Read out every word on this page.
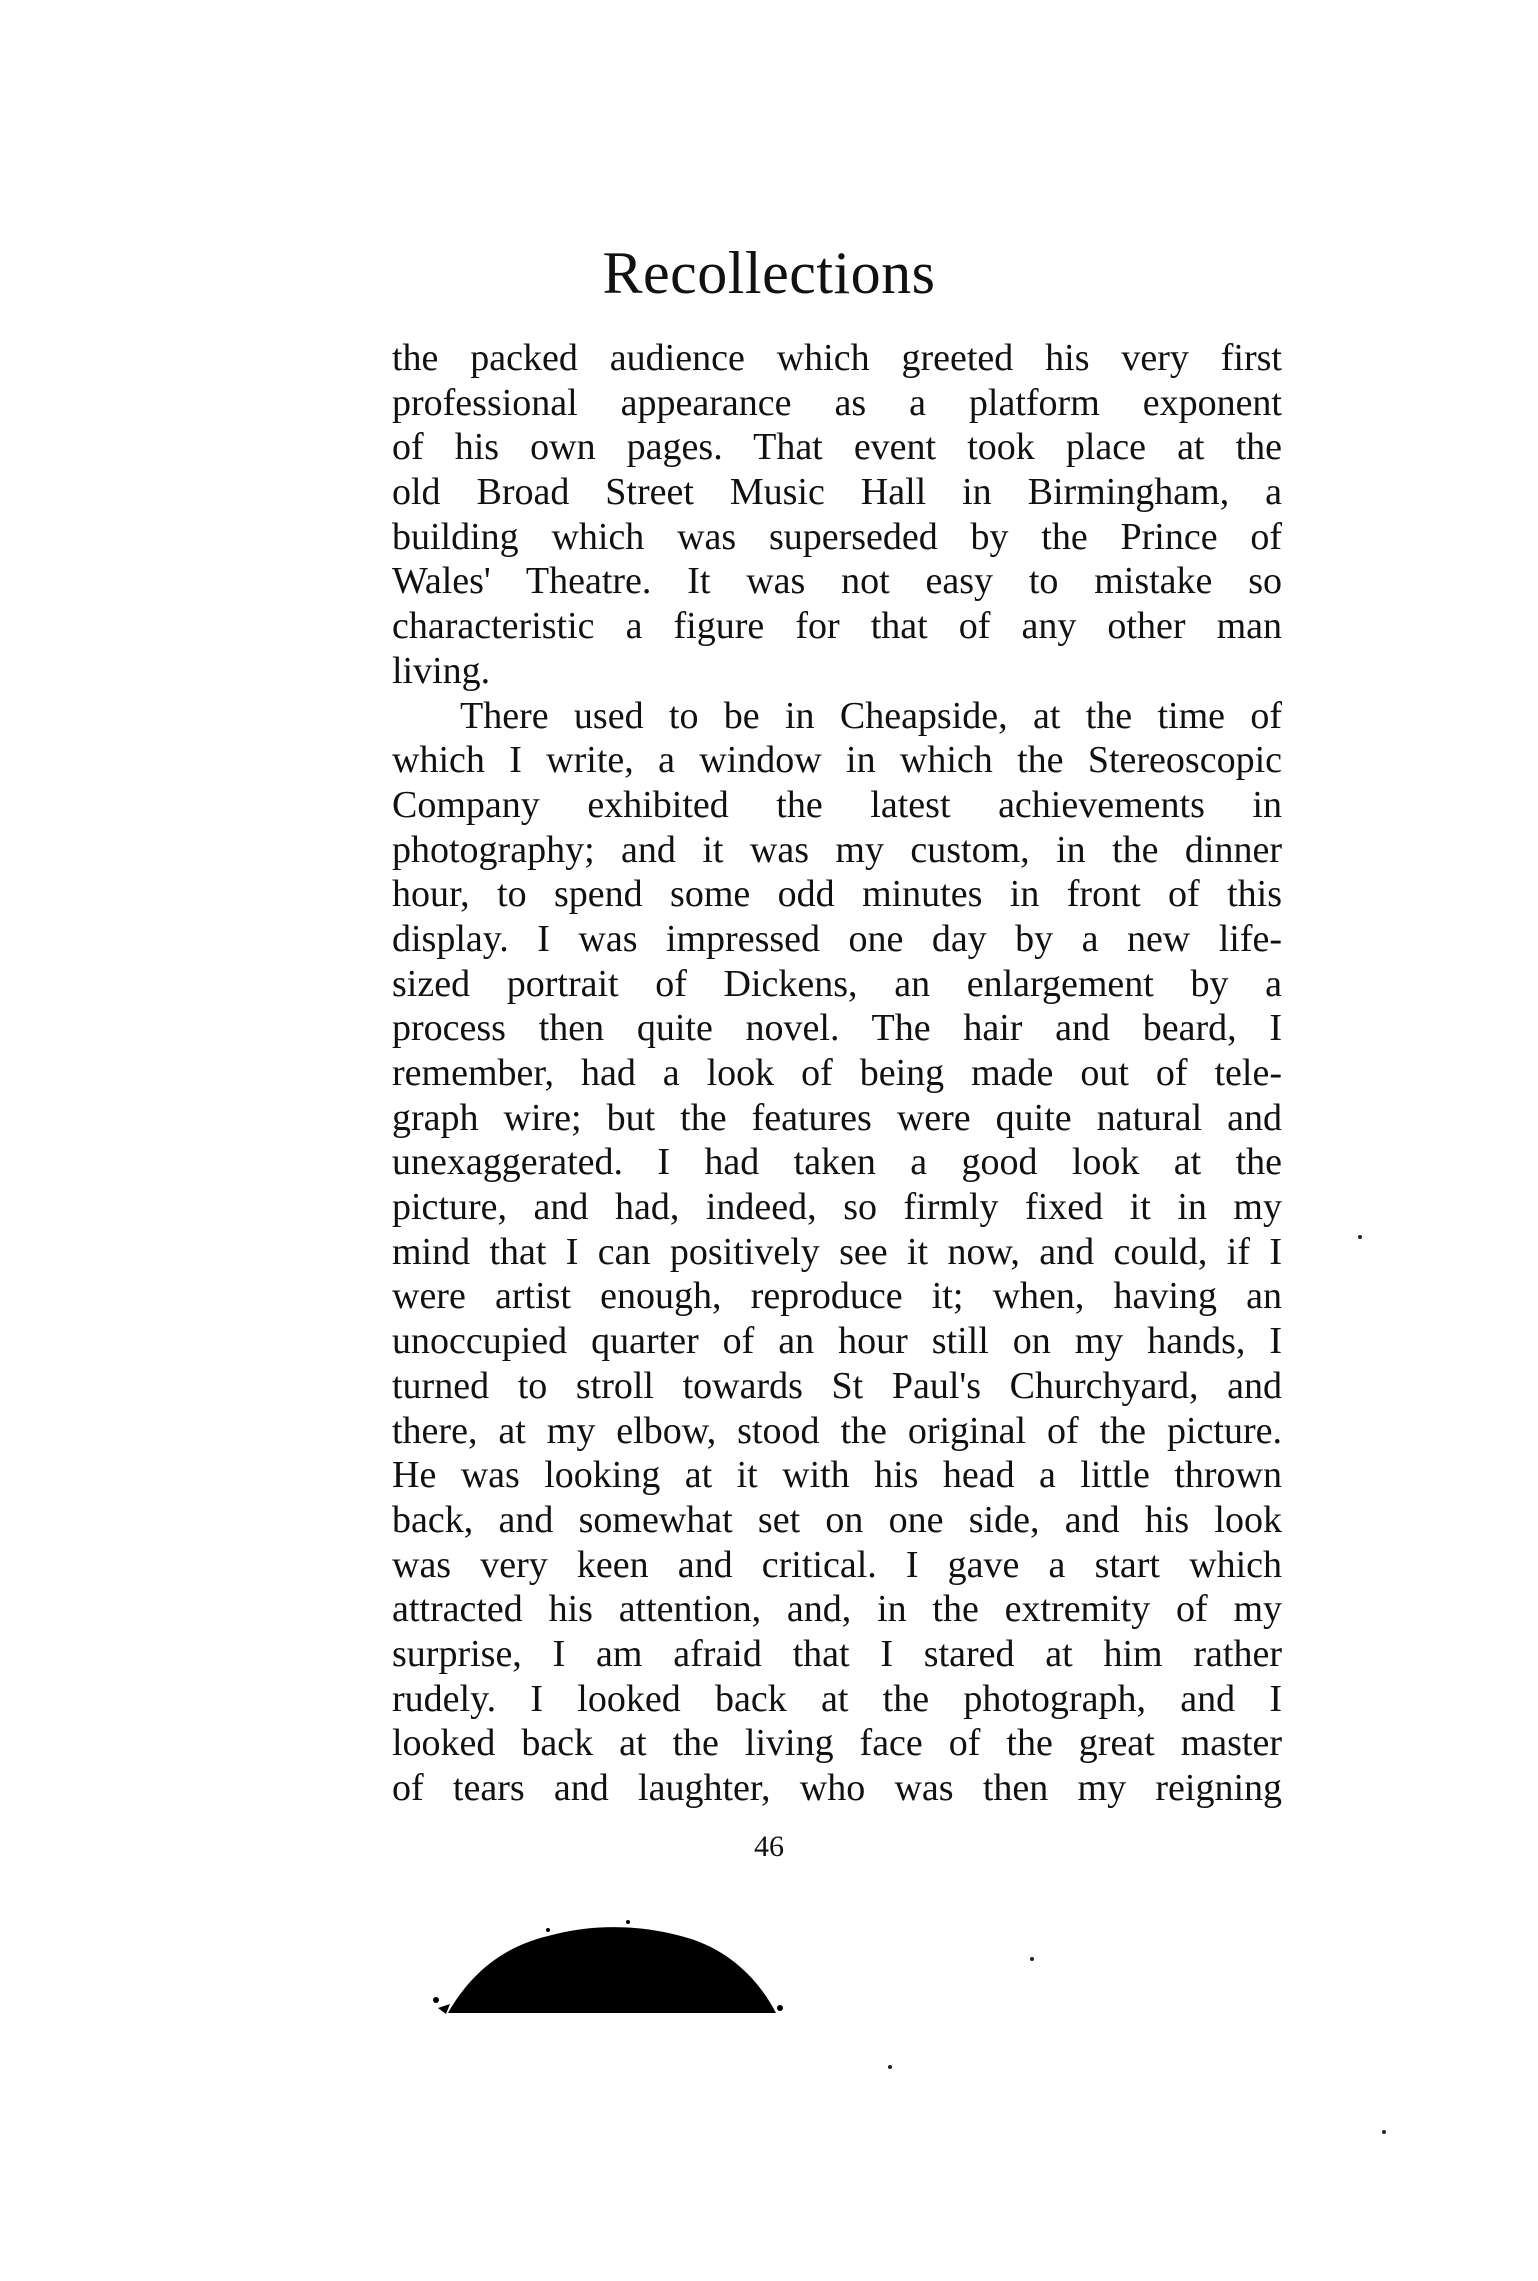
Recollections
the packed audience which greeted his very first
professional appearance as a platform exponent
of his own pages. That event took place at the
old Broad Street Music Hall in Birmingham, a
building which was superseded by the Prince of
Wales' Theatre. It was not easy to mistake so
characteristic a figure for that of any other man
living.
There used to be in Cheapside, at the time of
which I write, a window in which the Stereoscopic
Company exhibited the latest achievements in
photography; and it was my custom, in the dinner
hour, to spend some odd minutes in front of this
display. I was impressed one day by a new life-
sized portrait of Dickens, an enlargement by a
process then quite novel. The hair and beard, I
remember, had a look of being made out of tele-
graph wire; but the features were quite natural and
unexaggerated. I had taken a good look at the
picture, and had, indeed, so firmly fixed it in my
mind that I can positively see it now, and could, if I
were artist enough, reproduce it; when, having an
unoccupied quarter of an hour still on my hands, I
turned to stroll towards St Paul's Churchyard, and
there, at my elbow, stood the original of the picture.
He was looking at it with his head a little thrown
back, and somewhat set on one side, and his look
was very keen and critical. I gave a start which
attracted his attention, and, in the extremity of my
surprise, I am afraid that I stared at him rather
rudely. I looked back at the photograph, and I
looked back at the living face of the great master
of tears and laughter, who was then my reigning
46
